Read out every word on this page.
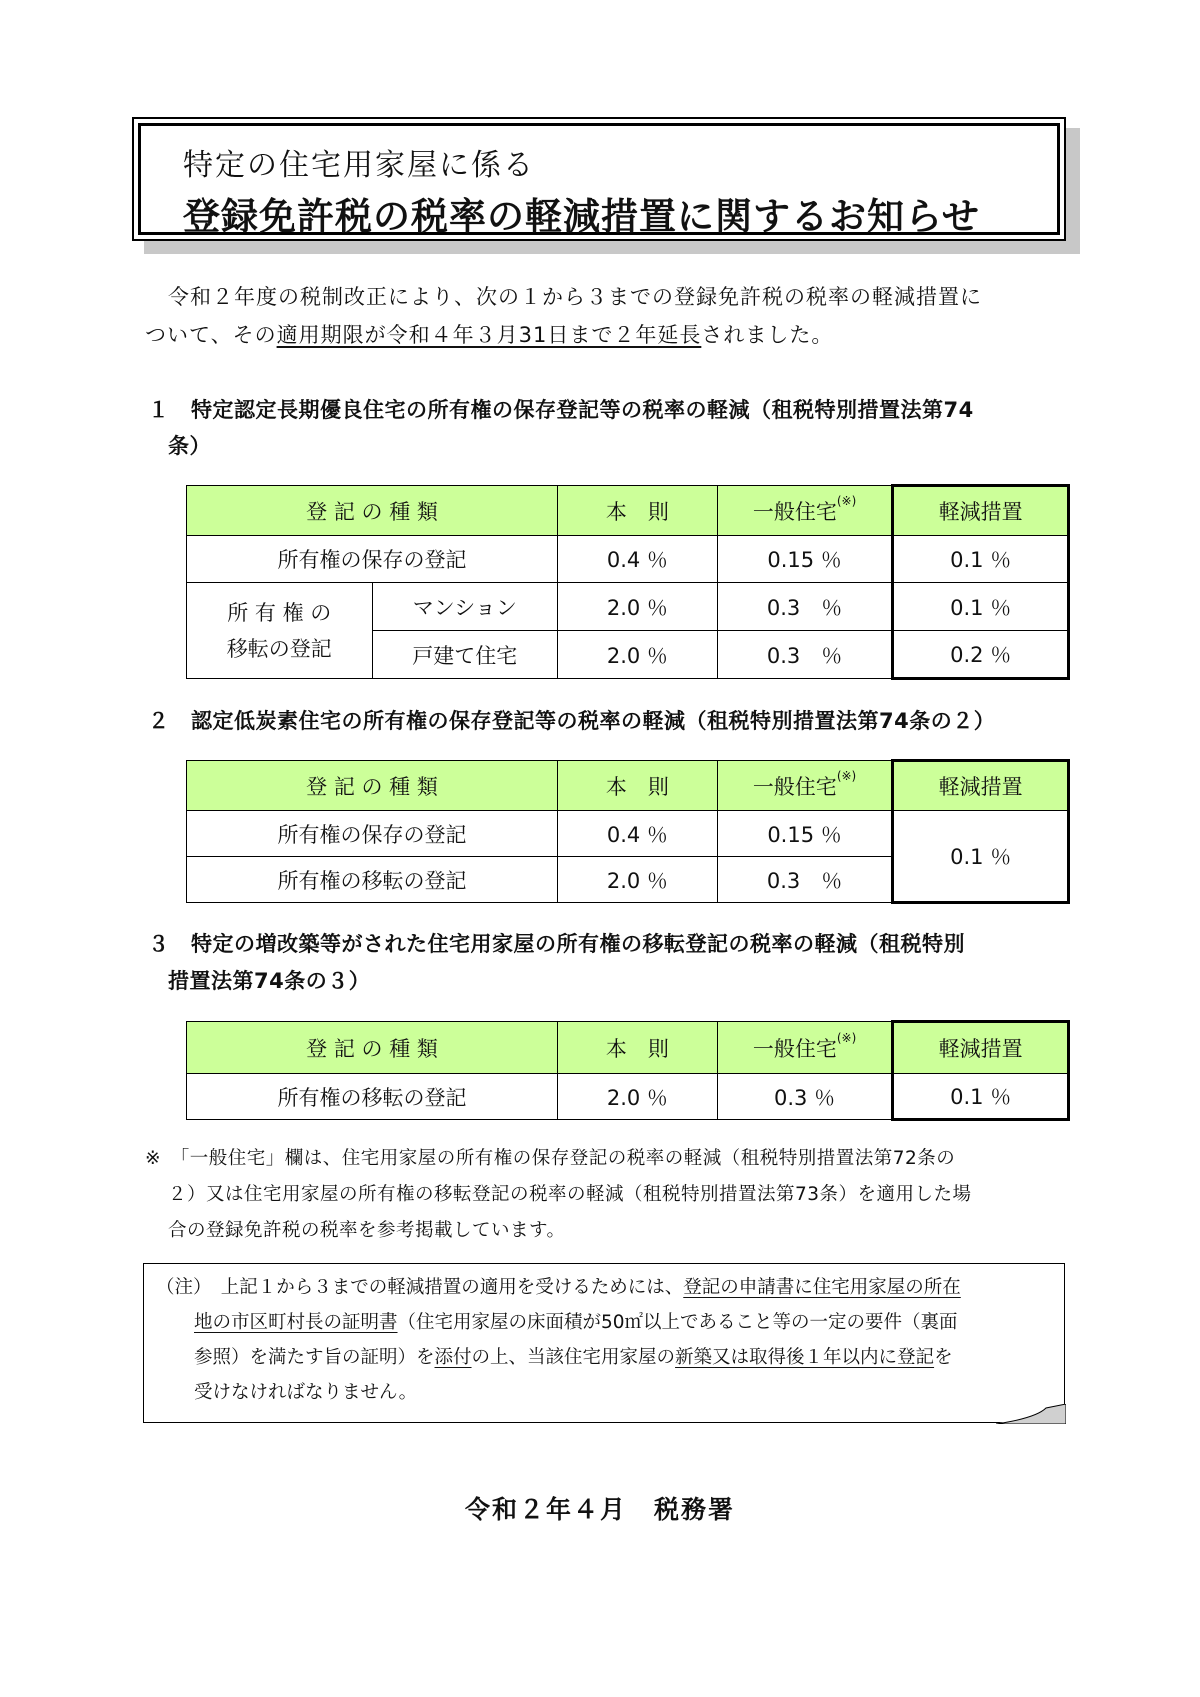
特定の住宅用家屋に係る
登録免許税の税率の軽減措置に関するお知らせ
令和２年度の税制改正により、次の１から３までの登録免許税の税率の軽減措置に
ついて、その適用期限が令和４年３月31日まで２年延長されました。
１　特定認定長期優良住宅の所有権の保存登記等の税率の軽減（租税特別措置法第74
条）
登 記 の 種 類		本　則	一般住宅(※)	軽減措置
所有権の保存の登記		0.4 ％	0.15 ％	0.1 ％

所 有 権 の
移転の登記	マンション	2.0 ％	0.3　％	0.1 ％
	戸建て住宅	2.0 ％	0.3　％	0.2 ％
２　認定低炭素住宅の所有権の保存登記等の税率の軽減（租税特別措置法第74条の２）
登 記 の 種 類	本　則	一般住宅(※)	軽減措置
所有権の保存の登記	0.4 ％	0.15 ％	0.1 ％
所有権の移転の登記	2.0 ％	0.3　％	
３　特定の増改築等がされた住宅用家屋の所有権の移転登記の税率の軽減（租税特別
措置法第74条の３）
登 記 の 種 類	本　則	一般住宅(※)	軽減措置
所有権の移転の登記	2.0 ％	0.3 ％	0.1 ％
※　「一般住宅」欄は、住宅用家屋の所有権の保存登記の税率の軽減（租税特別措置法第72条の
２）又は住宅用家屋の所有権の移転登記の税率の軽減（租税特別措置法第73条）を適用した場
合の登録免許税の税率を参考掲載しています。
（注）　上記１から３までの軽減措置の適用を受けるためには、登記の申請書に住宅用家屋の所在
地の市区町村長の証明書（住宅用家屋の床面積が50㎡以上であること等の一定の要件（裏面
参照）を満たす旨の証明）を添付の上、当該住宅用家屋の新築又は取得後１年以内に登記を
受けなければなりません。
令和２年４月　税務署
